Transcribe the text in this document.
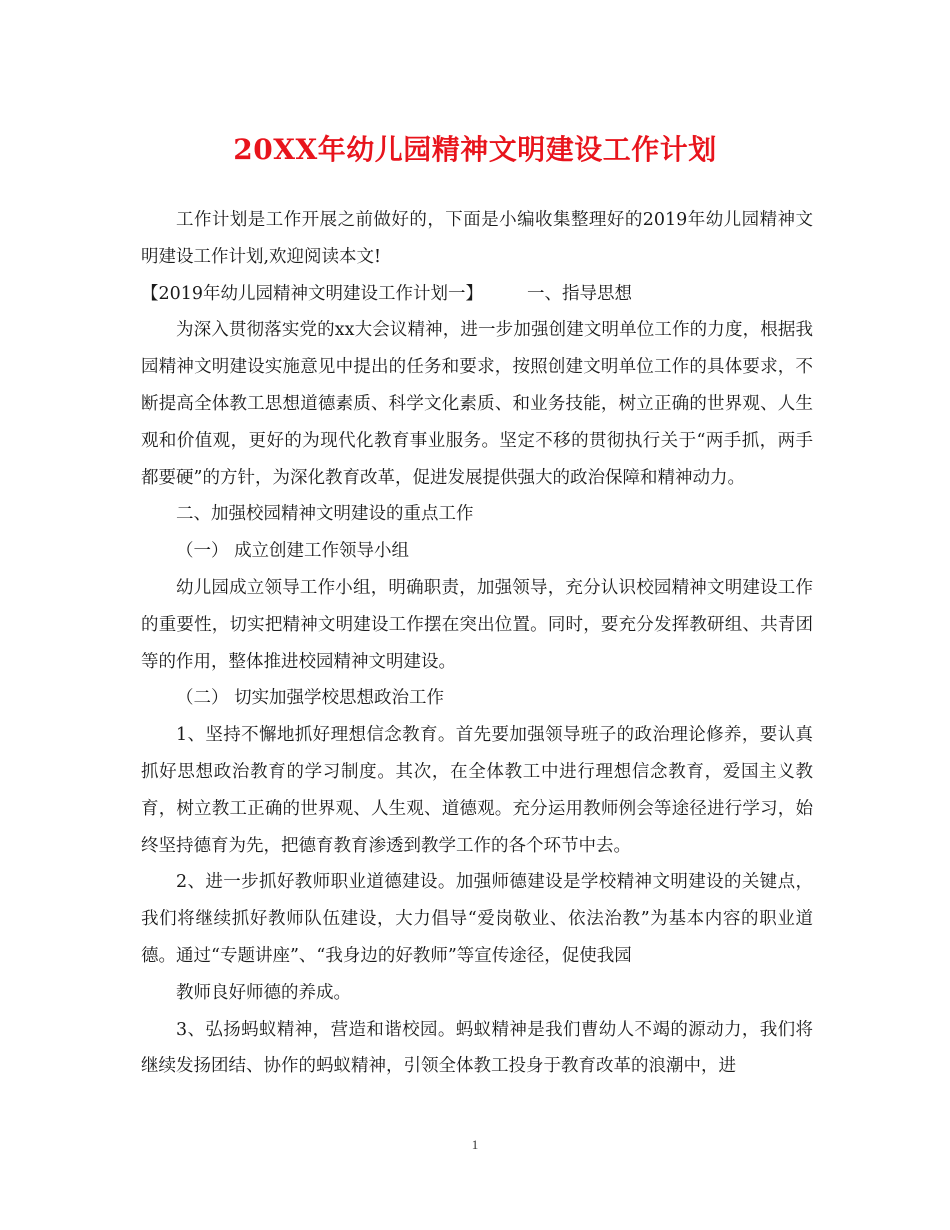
20XX年幼儿园精神文明建设工作计划

工作计划是工作开展之前做好的，下面是小编收集整理好的2019年幼儿园精神文明建设工作计划,欢迎阅读本文!

【2019年幼儿园精神文明建设工作计划一】	一、指导思想

为深入贯彻落实党的xx大会议精神，进一步加强创建文明单位工作的力度，根据我园精神文明建设实施意见中提出的任务和要求，按照创建文明单位工作的具体要求，不断提高全体教工思想道德素质、科学文化素质、和业务技能，树立正确的世界观、人生观和价值观，更好的为现代化教育事业服务。坚定不移的贯彻执行关于“两手抓，两手都要硬”的方针，为深化教育改革，促进发展提供强大的政治保障和精神动力。

二、加强校园精神文明建设的重点工作

（一） 成立创建工作领导小组

幼儿园成立领导工作小组，明确职责，加强领导，充分认识校园精神文明建设工作的重要性，切实把精神文明建设工作摆在突出位置。同时，要充分发挥教研组、共青团等的作用，整体推进校园精神文明建设。

（二） 切实加强学校思想政治工作

1、坚持不懈地抓好理想信念教育。首先要加强领导班子的政治理论修养，要认真抓好思想政治教育的学习制度。其次，在全体教工中进行理想信念教育，爱国主义教育，树立教工正确的世界观、人生观、道德观。充分运用教师例会等途径进行学习，始终坚持德育为先，把德育教育渗透到教学工作的各个环节中去。

2、进一步抓好教师职业道德建设。加强师德建设是学校精神文明建设的关键点，我们将继续抓好教师队伍建设，大力倡导“爱岗敬业、依法治教”为基本内容的职业道德。通过“专题讲座”、“我身边的好教师”等宣传途径，促使我园

教师良好师德的养成。

3、弘扬蚂蚁精神，营造和谐校园。蚂蚁精神是我们曹幼人不竭的源动力，我们将继续发扬团结、协作的蚂蚁精神，引领全体教工投身于教育改革的浪潮中，进

1
